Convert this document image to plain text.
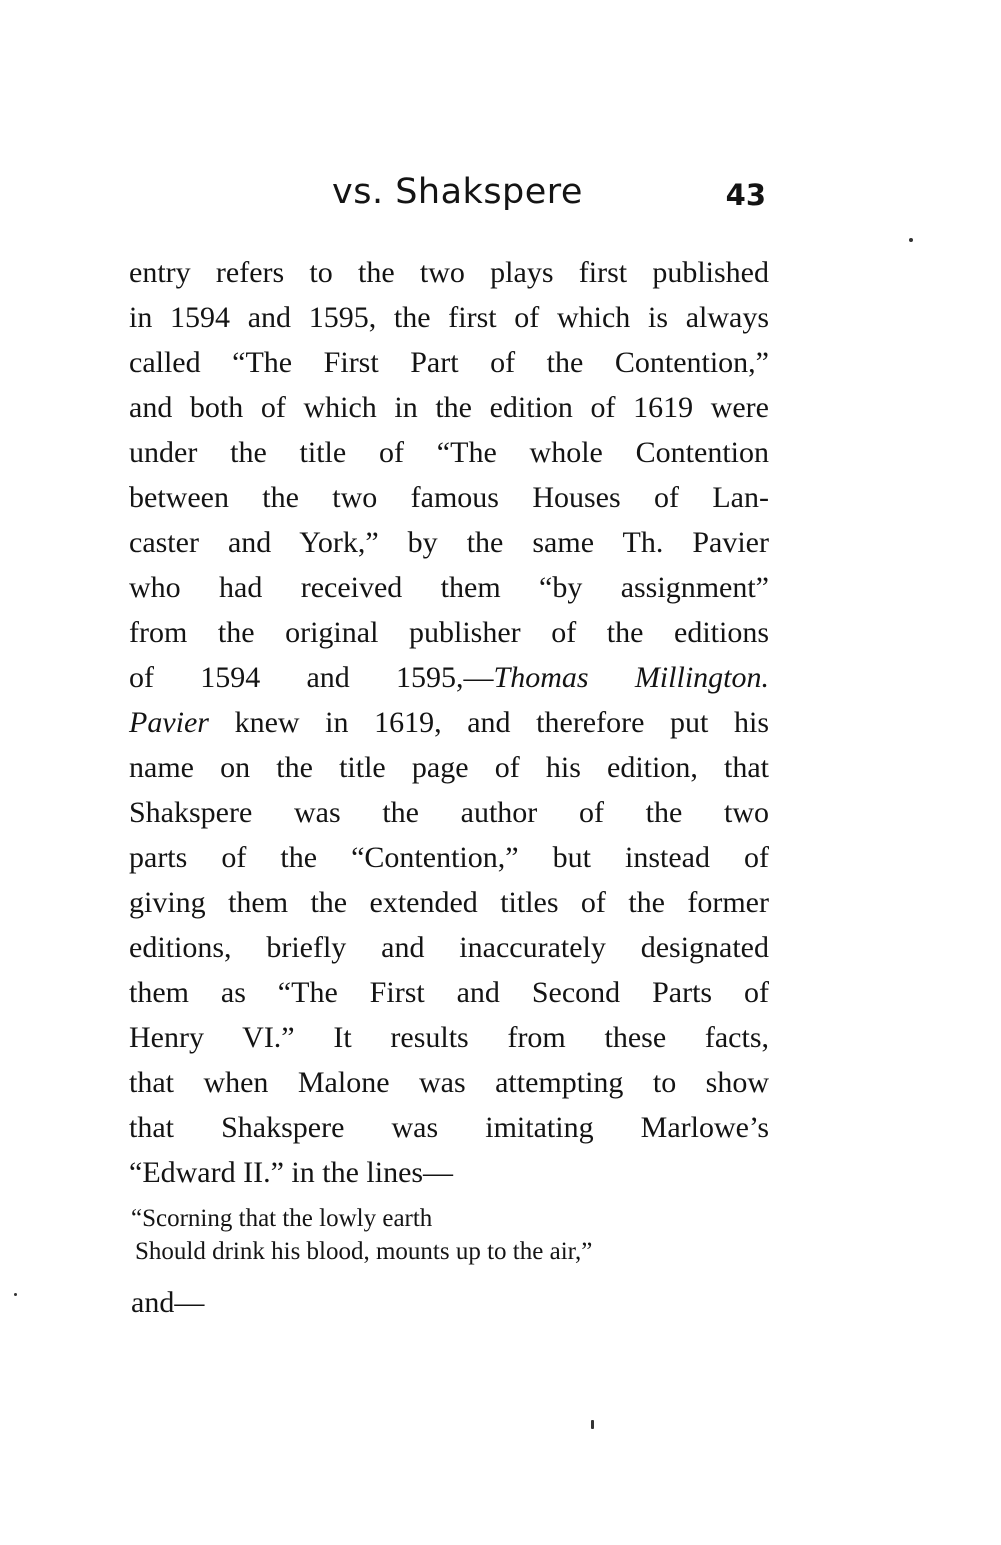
vs. Shakspere	43
entry refers to the two plays first published
in 1594 and 1595, the first of which is always
called “The First Part of the Contention,”
and both of which in the edition of 1619 were
under the title of “The whole Contention
between the two famous Houses of Lan-
caster and York,” by the same Th. Pavier
who had received them “by assignment”
from the original publisher of the editions
of 1594 and 1595,—Thomas Millington.
Pavier knew in 1619, and therefore put his
name on the title page of his edition, that
Shakspere was the author of the two
parts of the “Contention,” but instead of
giving them the extended titles of the former
editions, briefly and inaccurately designated
them as “The First and Second Parts of
Henry VI.” It results from these facts,
that when Malone was attempting to show
that Shakspere was imitating Marlowe’s
“Edward II.” in the lines—
“Scorning that the lowly earth
Should drink his blood, mounts up to the air,”
and—
